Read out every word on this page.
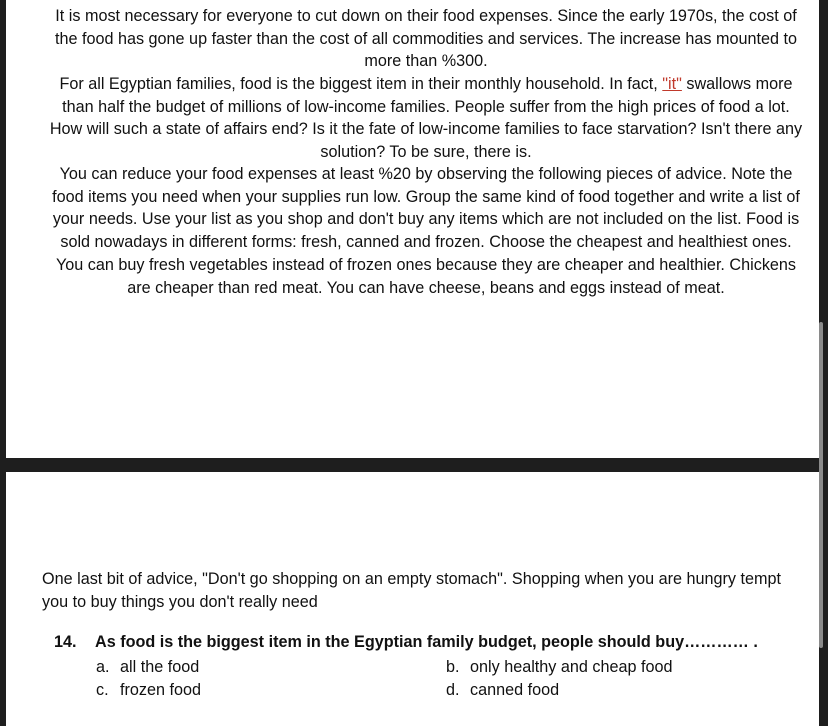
It is most necessary for everyone to cut down on their food expenses. Since the early 1970s, the cost of the food has gone up faster than the cost of all commodities and services. The increase has mounted to more than %300.

For all Egyptian families, food is the biggest item in their monthly household. In fact, "it" swallows more than half the budget of millions of low-income families. People suffer from the high prices of food a lot. How will such a state of affairs end? Is it the fate of low-income families to face starvation? Isn't there any solution? To be sure, there is.

You can reduce your food expenses at least %20 by observing the following pieces of advice. Note the food items you need when your supplies run low. Group the same kind of food together and write a list of your needs. Use your list as you shop and don't buy any items which are not included on the list. Food is sold nowadays in different forms: fresh, canned and frozen. Choose the cheapest and healthiest ones. You can buy fresh vegetables instead of frozen ones because they are cheaper and healthier. Chickens are cheaper than red meat. You can have cheese, beans and eggs instead of meat.

One last bit of advice, "Don't go shopping on an empty stomach". Shopping when you are hungry tempt you to buy things you don't really need

14. As food is the biggest item in the Egyptian family budget, people should buy………… .

a. all the food	b. only healthy and cheap food

c. frozen food	d. canned food
